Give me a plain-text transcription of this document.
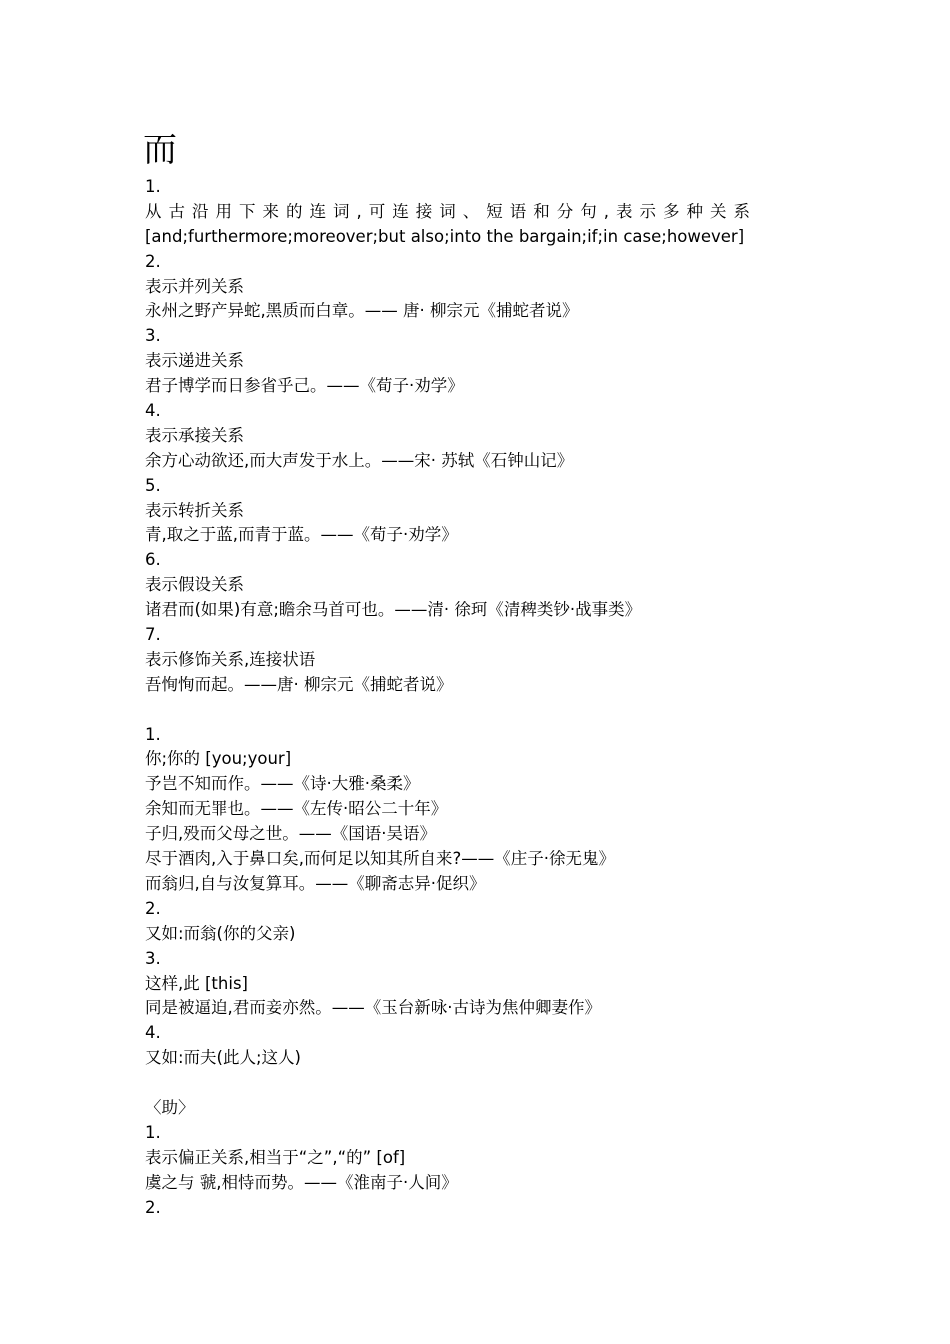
而

1.

从古沿用下来的连词,可连接词、短语和分句,表示多种关系

[and;furthermore;moreover;but also;into the bargain;if;in case;however]

2.

表示并列关系

永州之野产异蛇,黑质而白章。—— 唐· 柳宗元《捕蛇者说》

3.

表示递进关系

君子博学而日参省乎己。——《荀子·劝学》

4.

表示承接关系

余方心动欲还,而大声发于水上。——宋· 苏轼《石钟山记》

5.

表示转折关系

青,取之于蓝,而青于蓝。——《荀子·劝学》

6.

表示假设关系

诸君而(如果)有意;瞻余马首可也。——清· 徐珂《清稗类钞·战事类》

7.

表示修饰关系,连接状语

吾恂恂而起。——唐· 柳宗元《捕蛇者说》

1.

你;你的 [you;your]

予岂不知而作。——《诗·大雅·桑柔》

余知而无罪也。——《左传·昭公二十年》

子归,殁而父母之世。——《国语·吴语》

尽于酒肉,入于鼻口矣,而何足以知其所自来?——《庄子·徐无鬼》

而翁归,自与汝复算耳。——《聊斋志异·促织》

2.

又如:而翁(你的父亲)

3.

这样,此 [this]

同是被逼迫,君而妾亦然。——《玉台新咏·古诗为焦仲卿妻作》

4.

又如:而夫(此人;这人)

〈助〉

1.

表示偏正关系,相当于“之”,“的” [of]

虞之与 虢,相恃而势。——《淮南子·人间》

2.
